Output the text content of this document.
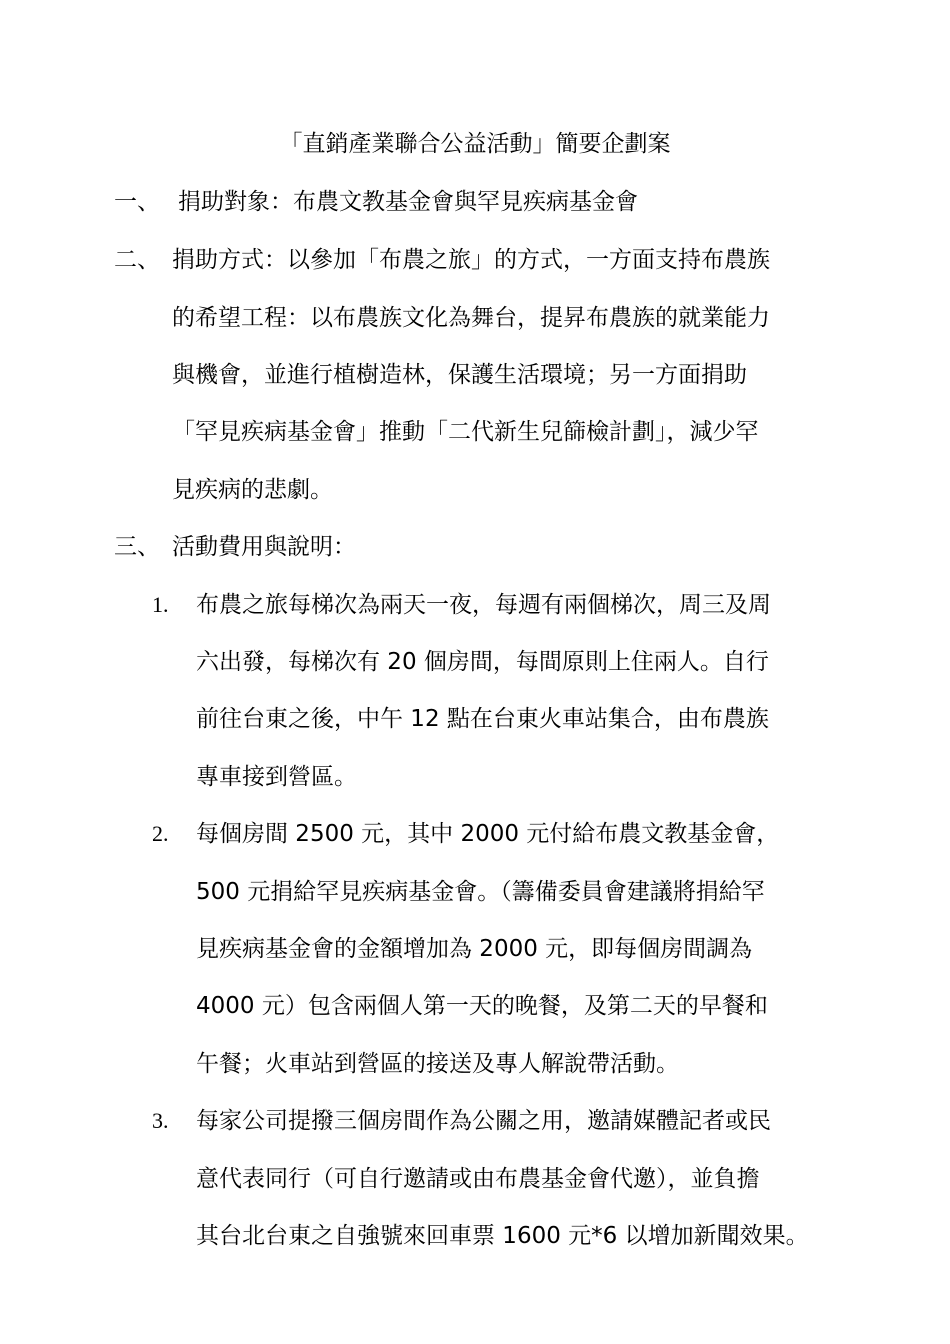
「直銷產業聯合公益活動」簡要企劃案
一、 捐助對象：布農文教基金會與罕見疾病基金會
二、 捐助方式：以參加「布農之旅」的方式，一方面支持布農族
的希望工程：以布農族文化為舞台，提昇布農族的就業能力
與機會，並進行植樹造林，保護生活環境；另一方面捐助
「罕見疾病基金會」推動「二代新生兒篩檢計劃」，減少罕
見疾病的悲劇。
三、 活動費用與說明：
1. 布農之旅每梯次為兩天一夜，每週有兩個梯次，周三及周
六出發，每梯次有 20 個房間，每間原則上住兩人。自行
前往台東之後，中午 12 點在台東火車站集合，由布農族
專車接到營區。
2. 每個房間 2500 元，其中 2000 元付給布農文教基金會，
500 元捐給罕見疾病基金會。（籌備委員會建議將捐給罕
見疾病基金會的金額增加為 2000 元，即每個房間調為
4000 元）包含兩個人第一天的晚餐，及第二天的早餐和
午餐；火車站到營區的接送及專人解說帶活動。
3. 每家公司提撥三個房間作為公關之用，邀請媒體記者或民
意代表同行（可自行邀請或由布農基金會代邀），並負擔
其台北台東之自強號來回車票 1600 元*6 以增加新聞效果。
